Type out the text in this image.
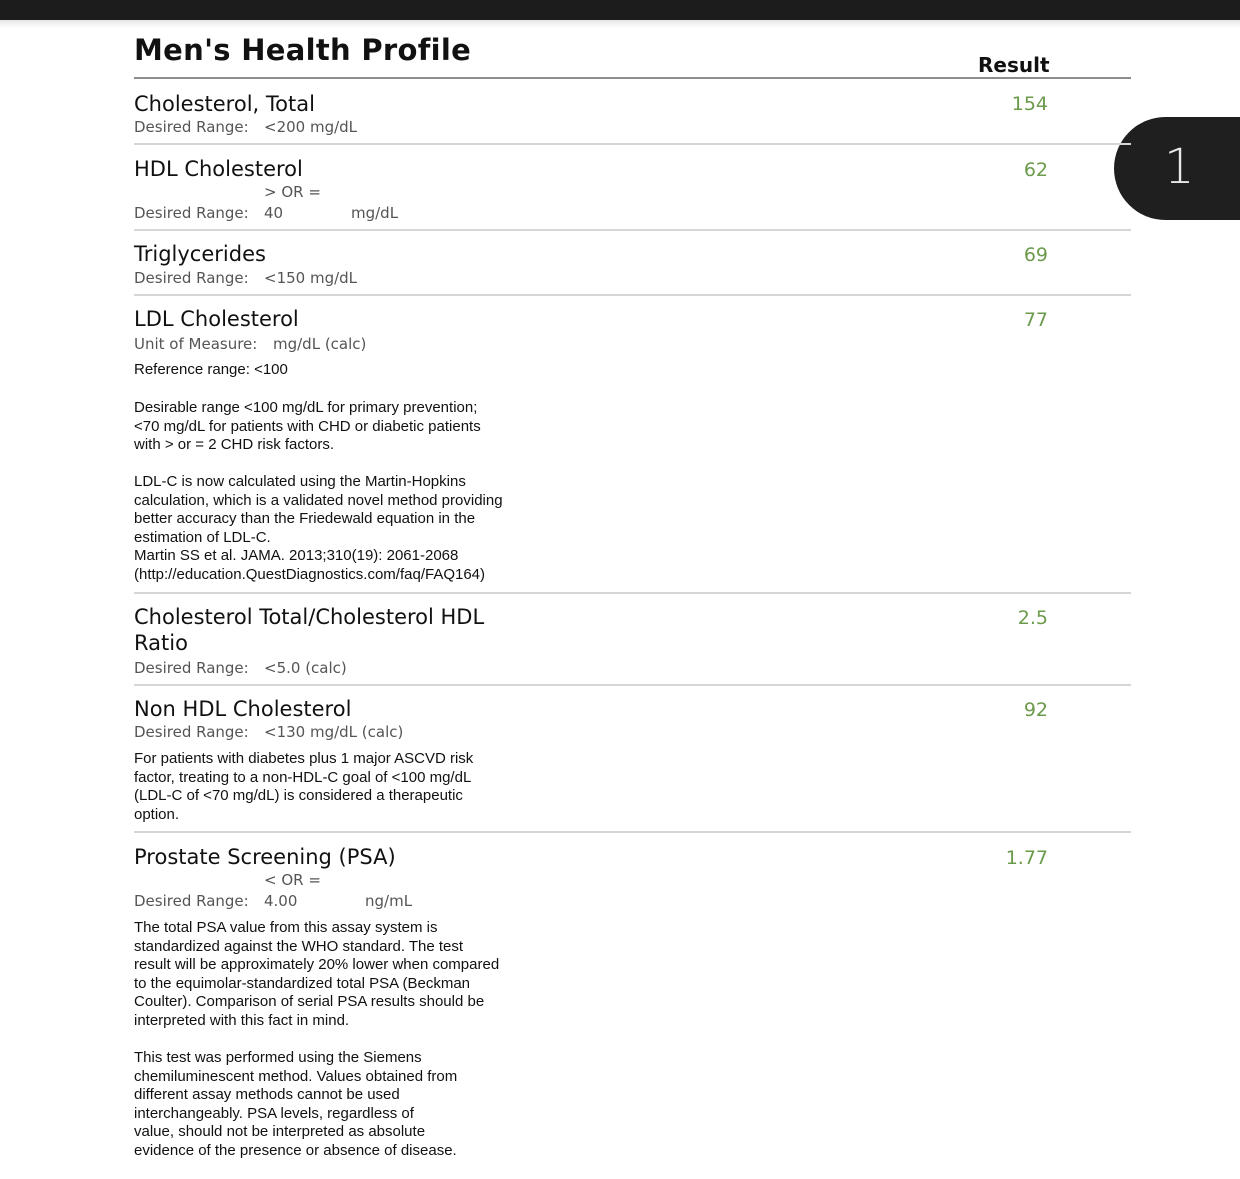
1
Men's Health Profile	Result
Cholesterol, Total	154
Desired Range: <200 mg/dL
HDL Cholesterol	62
> OR =
Desired Range: 40	mg/dL
Triglycerides	69
Desired Range: <150 mg/dL
LDL Cholesterol	77
Unit of Measure: mg/dL (calc)
Reference range: <100
Desirable range <100 mg/dL for primary prevention;
<70 mg/dL for patients with CHD or diabetic patients
with > or = 2 CHD risk factors.
LDL-C is now calculated using the Martin-Hopkins
calculation, which is a validated novel method providing
better accuracy than the Friedewald equation in the
estimation of LDL-C.
Martin SS et al. JAMA. 2013;310(19): 2061-2068
(http://education.QuestDiagnostics.com/faq/FAQ164)
Cholesterol Total/Cholesterol HDL
Ratio
2.5
Desired Range: <5.0 (calc)
Non HDL Cholesterol	92
Desired Range: <130 mg/dL (calc)
For patients with diabetes plus 1 major ASCVD risk
factor, treating to a non-HDL-C goal of <100 mg/dL
(LDL-C of <70 mg/dL) is considered a therapeutic
option.
Prostate Screening (PSA)	1.77
< OR =
Desired Range: 4.00	ng/mL
The total PSA value from this assay system is
standardized against the WHO standard. The test
result will be approximately 20% lower when compared
to the equimolar-standardized total PSA (Beckman
Coulter). Comparison of serial PSA results should be
interpreted with this fact in mind.
This test was performed using the Siemens
chemiluminescent method. Values obtained from
different assay methods cannot be used
interchangeably. PSA levels, regardless of
value, should not be interpreted as absolute
evidence of the presence or absence of disease.
